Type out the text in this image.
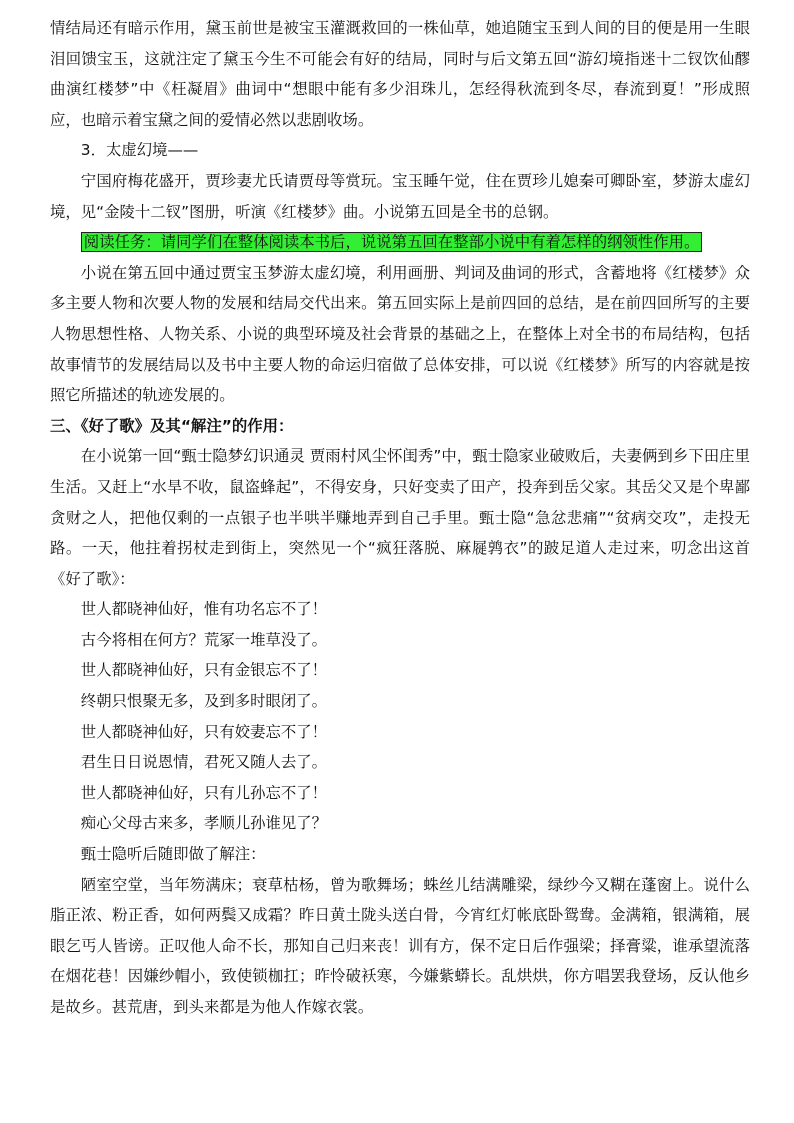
情结局还有暗示作用，黛玉前世是被宝玉灌溉救回的一株仙草，她追随宝玉到人间的目的便是用一生眼泪回馈宝玉，这就注定了黛玉今生不可能会有好的结局，同时与后文第五回“游幻境指迷十二钗饮仙醪曲演红楼梦”中《枉凝眉》曲词中“想眼中能有多少泪珠儿，怎经得秋流到冬尽，春流到夏！”形成照应，也暗示着宝黛之间的爱情必然以悲剧收场。

3．太虚幻境——

宁国府梅花盛开，贾珍妻尤氏请贾母等赏玩。宝玉睡午觉，住在贾珍儿媳秦可卿卧室，梦游太虚幻境，见“金陵十二钗”图册，听演《红楼梦》曲。小说第五回是全书的总钢。

阅读任务：请同学们在整体阅读本书后，说说第五回在整部小说中有着怎样的纲领性作用。

小说在第五回中通过贾宝玉梦游太虚幻境，利用画册、判词及曲词的形式，含蓄地将《红楼梦》众多主要人物和次要人物的发展和结局交代出来。第五回实际上是前四回的总结，是在前四回所写的主要人物思想性格、人物关系、小说的典型环境及社会背景的基础之上，在整体上对全书的布局结构，包括故事情节的发展结局以及书中主要人物的命运归宿做了总体安排，可以说《红楼梦》所写的内容就是按照它所描述的轨迹发展的。

三、《好了歌》及其“解注”的作用：

在小说第一回“甄士隐梦幻识通灵 贾雨村风尘怀闺秀”中，甄士隐家业破败后，夫妻俩到乡下田庄里生活。又赶上“水旱不收，鼠盗蜂起”，不得安身，只好变卖了田产，投奔到岳父家。其岳父又是个卑鄙贪财之人，把他仅剩的一点银子也半哄半赚地弄到自己手里。甄士隐“急忿悲痛”“贫病交攻”，走投无路。一天，他拄着拐杖走到街上，突然见一个“疯狂落脱、麻屣鹑衣”的跛足道人走过来，叨念出这首《好了歌》：

世人都晓神仙好，惟有功名忘不了！

古今将相在何方？荒冢一堆草没了。

世人都晓神仙好，只有金银忘不了！

终朝只恨聚无多，及到多时眼闭了。

世人都晓神仙好，只有姣妻忘不了！

君生日日说恩情，君死又随人去了。

世人都晓神仙好，只有儿孙忘不了！

痴心父母古来多，孝顺儿孙谁见了？

甄士隐听后随即做了解注：

陋室空堂，当年笏满床；衰草枯杨，曾为歌舞场；蛛丝儿结满雕梁，绿纱今又糊在蓬窗上。说什么脂正浓、粉正香，如何两鬓又成霜？昨日黄土陇头送白骨，今宵红灯帐底卧鸳鸯。金满箱，银满箱，展眼乞丐人皆谤。正叹他人命不长，那知自己归来丧！训有方，保不定日后作强梁；择膏粱，谁承望流落在烟花巷！因嫌纱帽小，致使锁枷扛；昨怜破袄寒，今嫌紫蟒长。乱烘烘，你方唱罢我登场，反认他乡是故乡。甚荒唐，到头来都是为他人作嫁衣裳。
